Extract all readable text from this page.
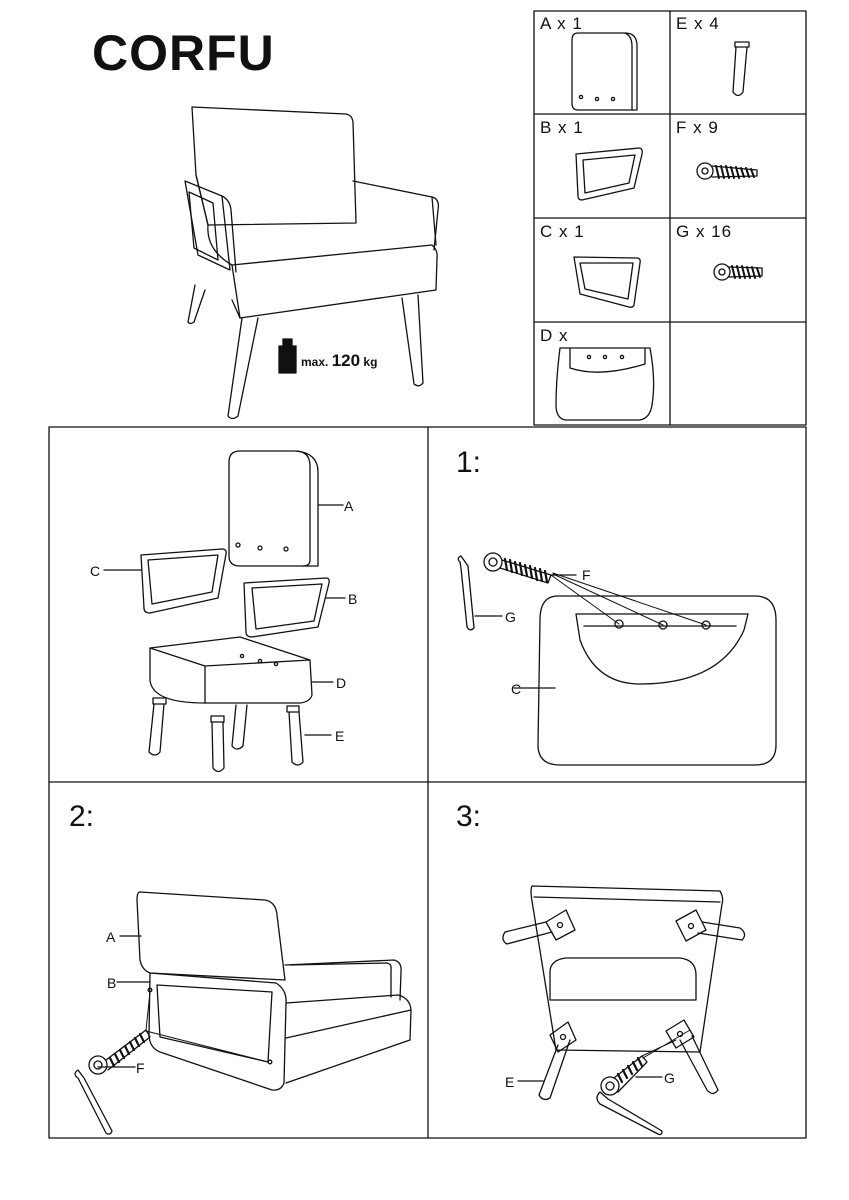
CORFU
max. 120 kg
A x 1	E x 4
B x 1	F x 9
C x 1	G x 16
D x
A
C
B
D
E
1:
2:	3:
F
G
C
A
B
F
E	G
